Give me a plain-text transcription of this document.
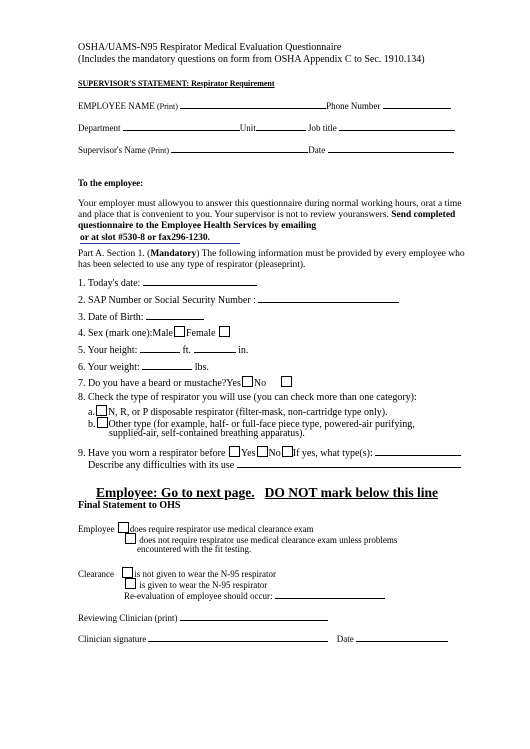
OSHA/UAMS-N95 Respirator Medical Evaluation Questionnaire
(Includes the mandatory questions on form from OSHA Appendix C to Sec. 1910.134)
SUPERVISOR'S STATEMENT: Respirator Requirement
EMPLOYEE NAME (Print)	Phone Number
Department	Unit	Job title
Supervisor's Name (Print)	Date
To the employee:
Your employer must allowyou to answer this questionnaire during normal working hours, orat a time and place that is convenient to you. Your supervisor is not to review youranswers. Send completed questionnaire to the Employee Health Services by emailing
or at slot #530-8 or fax296-1230.
Part A. Section 1. (Mandatory) The following information must be provided by every employee who has been selected to use any type of respirator (pleaseprint).
1. Today's date:
2. SAP Number or Social Security Number :
3. Date of Birth:
4. Sex (mark one):Male Female
5. Your height:	ft.	in.
6. Your weight:	lbs.
7. Do you have a beard or mustache?Yes No
8. Check the type of respirator you will use (you can check more than one category):
a. N, R, or P disposable respirator (filter-mask, non-cartridge type only).
b. Other type (for example, half- or full-face piece type, powered-air purifying,
supplied-air, self-contained breathing apparatus).
9. Have you worn a respirator before Yes No If yes, what type(s):
Describe any difficulties with its use
Employee: Go to next page. DO NOT mark below this line
Final Statement to OHS
Employee does require respirator use medical clearance exam
does not require respirator use medical clearance exam unless problems
encountered with the fit testing.
Clearance is not given to wear the N-95 respirator
is given to wear the N-95 respirator
Re-evaluation of employee should occur:
Reviewing Clinician (print)
Clinician signature	Date
